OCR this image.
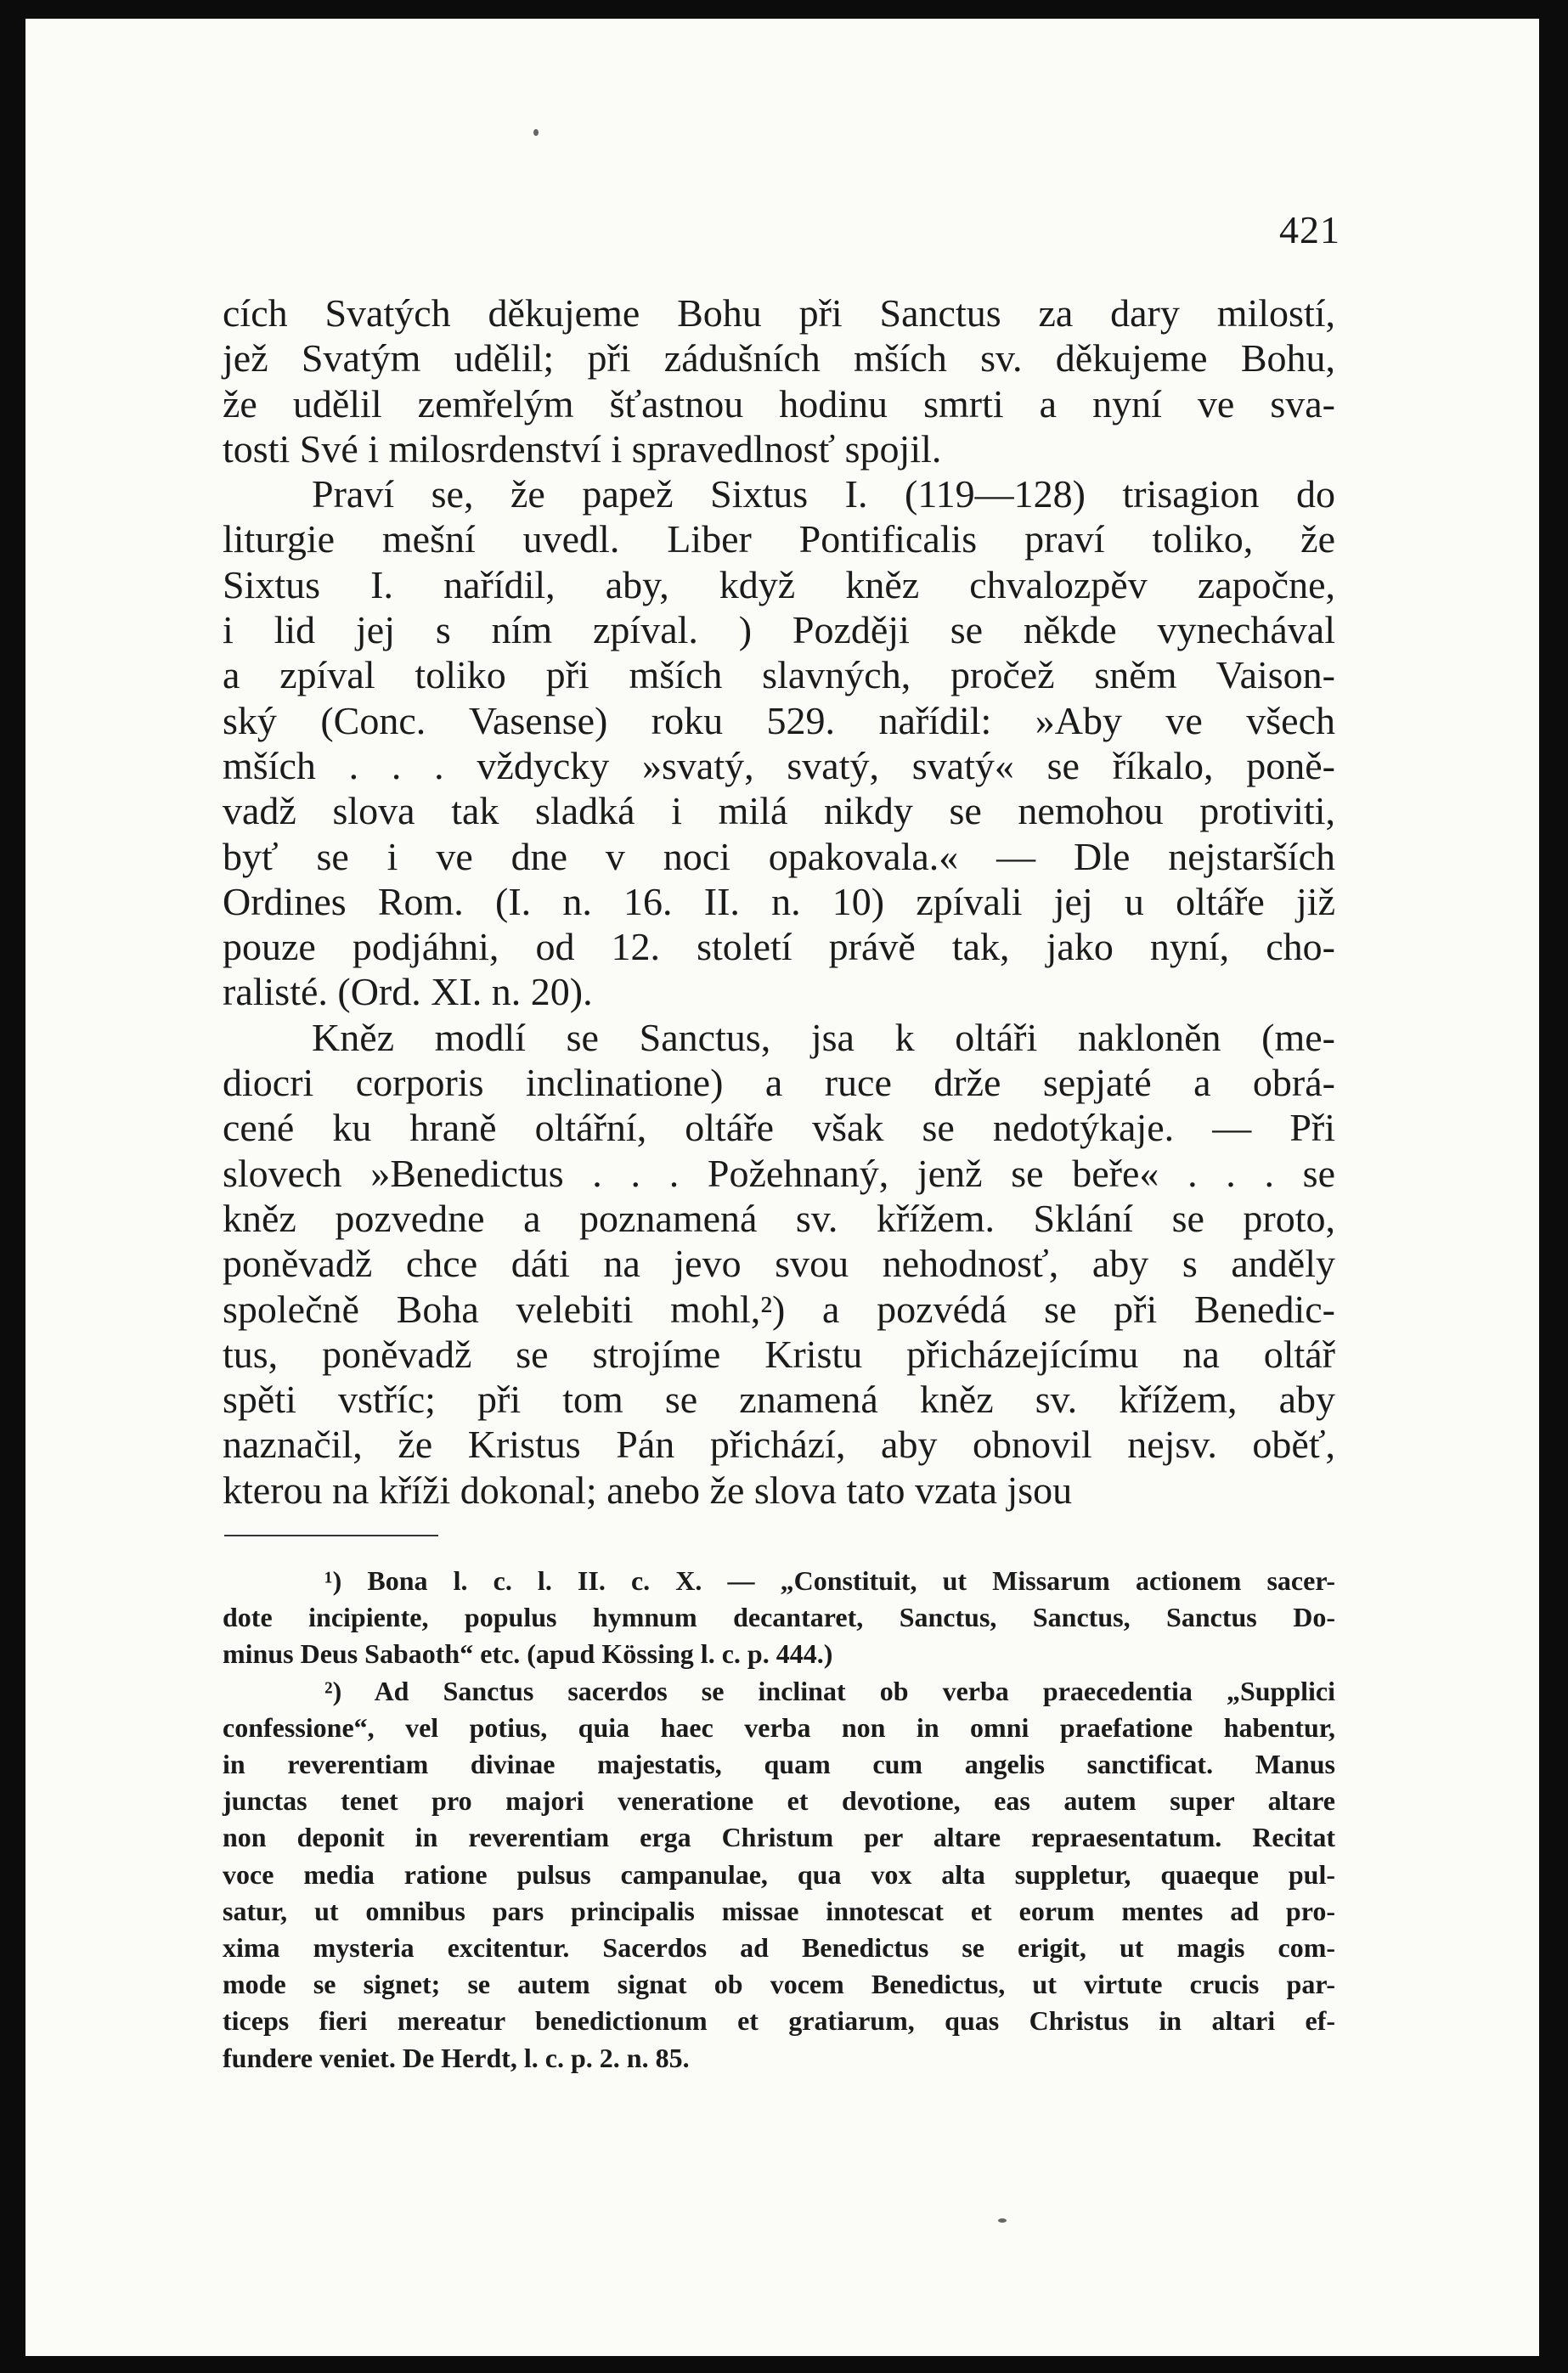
421
cích Svatých děkujeme Bohu při Sanctus za dary milostí,
jež Svatým udělil; při zádušních mších sv. děkujeme Bohu,
že udělil zemřelým šťastnou hodinu smrti a nyní ve sva-
tosti Své i milosrdenství i spravedlnosť spojil.
Praví se, že papež Sixtus I. (119—128) trisagion do
liturgie mešní uvedl. Liber Pontificalis praví toliko, že
Sixtus I. nařídil, aby, když kněz chvalozpěv započne,
i lid jej s ním zpíval. ) Později se někde vynechával
a zpíval toliko při mších slavných, pročež sněm Vaison-
ský (Conc. Vasense) roku 529. nařídil: »Aby ve všech
mších . . . vždycky »svatý, svatý, svatý« se říkalo, poně-
vadž slova tak sladká i milá nikdy se nemohou protiviti,
byť se i ve dne v noci opakovala.« — Dle nejstarších
Ordines Rom. (I. n. 16. II. n. 10) zpívali jej u oltáře již
pouze podjáhni, od 12. století právě tak, jako nyní, cho-
ralisté. (Ord. XI. n. 20).
Kněz modlí se Sanctus, jsa k oltáři nakloněn (me-
diocri corporis inclinatione) a ruce drže sepjaté a obrá-
cené ku hraně oltářní, oltáře však se nedotýkaje. — Při
slovech »Benedictus . . . Požehnaný, jenž se beře« . . . se
kněz pozvedne a poznamená sv. křížem. Sklání se proto,
poněvadž chce dáti na jevo svou nehodnosť, aby s anděly
společně Boha velebiti mohl,²) a pozvédá se při Benedic-
tus, poněvadž se strojíme Kristu přicházejícímu na oltář
spěti vstříc; při tom se znamená kněz sv. křížem, aby
naznačil, že Kristus Pán přichází, aby obnovil nejsv. oběť,
kterou na kříži dokonal; anebo že slova tato vzata jsou
¹) Bona l. c. l. II. c. X. — „Constituit, ut Missarum actionem sacer-
dote incipiente, populus hymnum decantaret, Sanctus, Sanctus, Sanctus Do-
minus Deus Sabaoth“ etc. (apud Kössing l. c. p. 444.)
²) Ad Sanctus sacerdos se inclinat ob verba praecedentia „Supplici
confessione“, vel potius, quia haec verba non in omni praefatione habentur,
in reverentiam divinae majestatis, quam cum angelis sanctificat. Manus
junctas tenet pro majori veneratione et devotione, eas autem super altare
non deponit in reverentiam erga Christum per altare repraesentatum. Recitat
voce media ratione pulsus campanulae, qua vox alta suppletur, quaeque pul-
satur, ut omnibus pars principalis missae innotescat et eorum mentes ad pro-
xima mysteria excitentur. Sacerdos ad Benedictus se erigit, ut magis com-
mode se signet; se autem signat ob vocem Benedictus, ut virtute crucis par-
ticeps fieri mereatur benedictionum et gratiarum, quas Christus in altari ef-
fundere veniet. De Herdt, l. c. p. 2. n. 85.
